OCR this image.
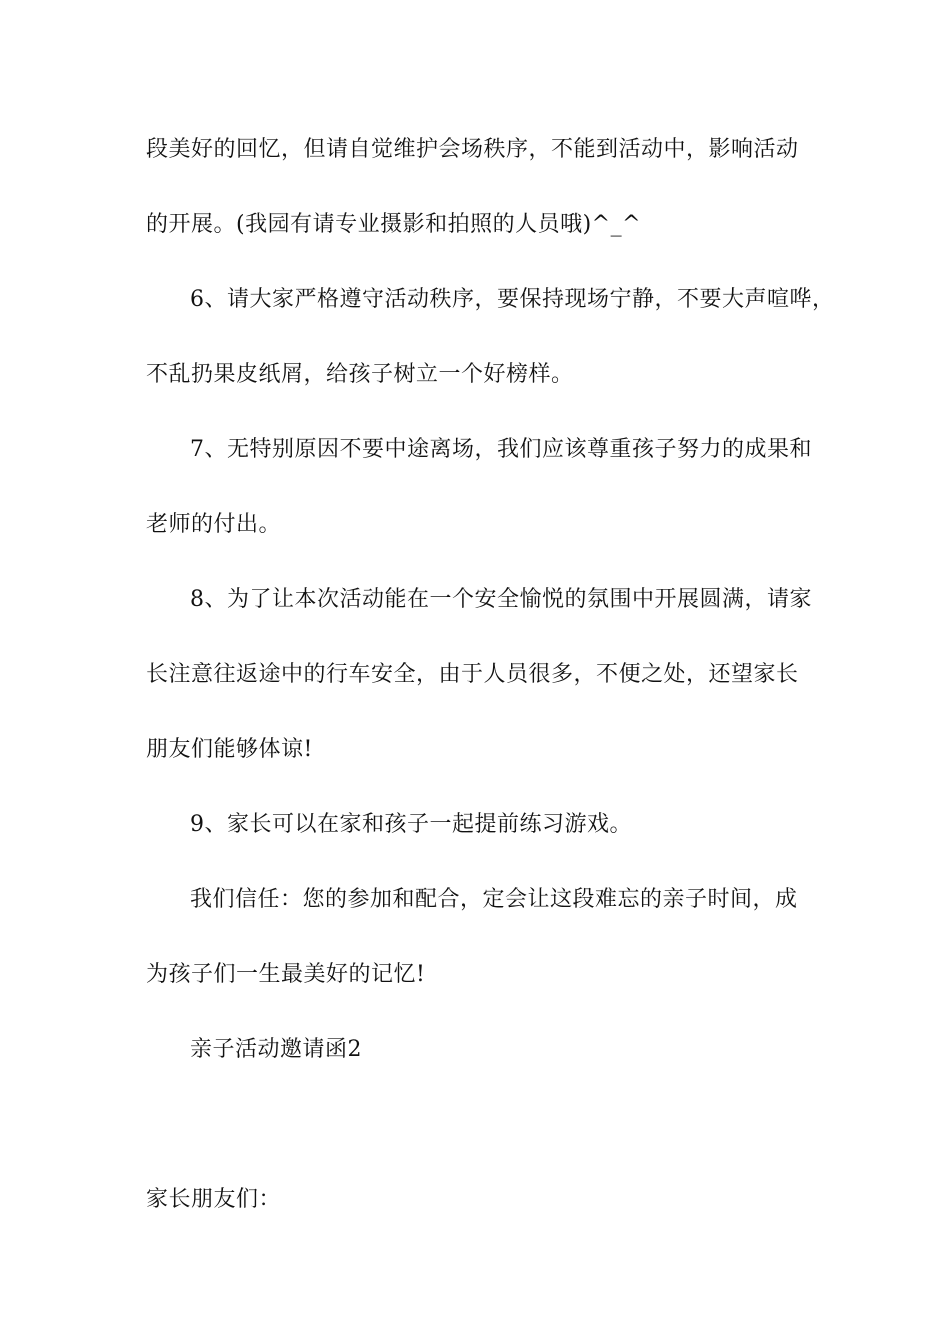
段美好的回忆，但请自觉维护会场秩序，不能到活动中，影响活动
的开展。(我园有请专业摄影和拍照的人员哦)^_^
6、请大家严格遵守活动秩序，要保持现场宁静，不要大声喧哗，
不乱扔果皮纸屑，给孩子树立一个好榜样。
7、无特别原因不要中途离场，我们应该尊重孩子努力的成果和
老师的付出。
8、为了让本次活动能在一个安全愉悦的氛围中开展圆满，请家
长注意往返途中的行车安全，由于人员很多，不便之处，还望家长
朋友们能够体谅!
9、家长可以在家和孩子一起提前练习游戏。
我们信任：您的参加和配合，定会让这段难忘的亲子时间，成
为孩子们一生最美好的记忆!
亲子活动邀请函2
家长朋友们：
